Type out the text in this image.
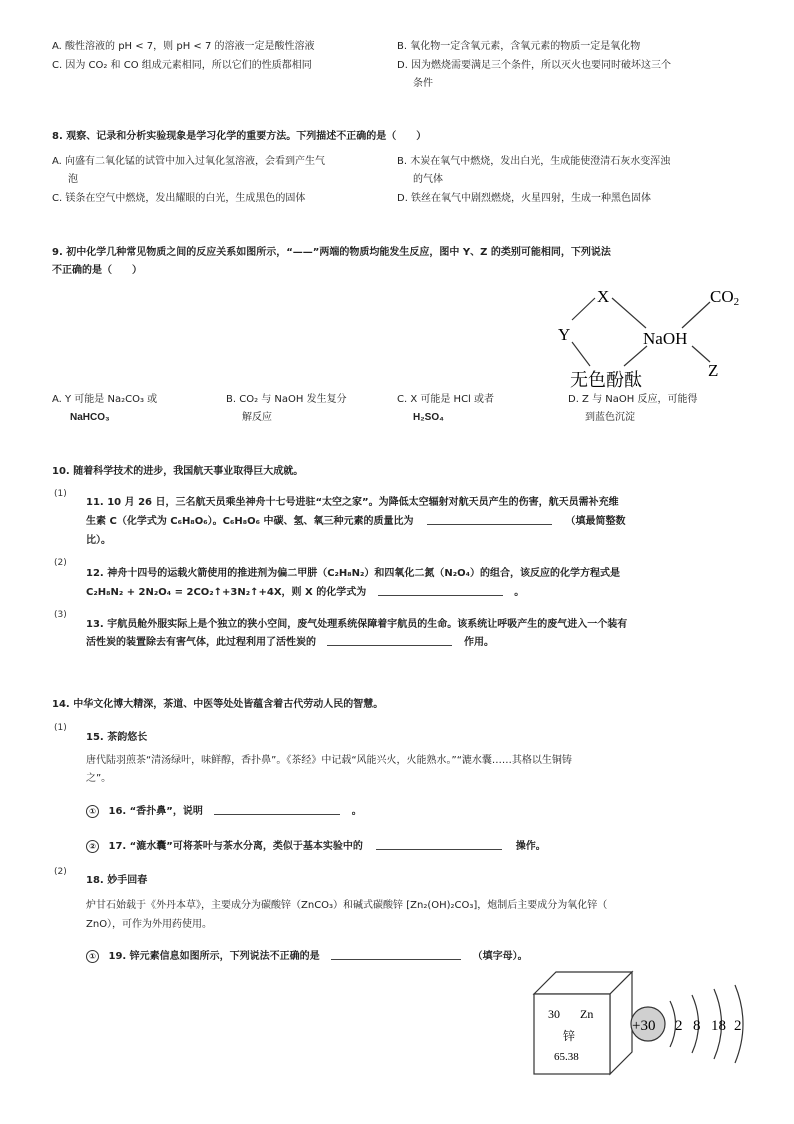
A. 酸性溶液的 pH < 7，则 pH < 7 的溶液一定是酸性溶液	B. 氧化物一定含氧元素，含氧元素的物质一定是氧化物
C. 因为 CO₂ 和 CO 组成元素相同，所以它们的性质都相同	D. 因为燃烧需要满足三个条件，所以灭火也要同时破坏这三个
条件
8. 观察、记录和分析实验现象是学习化学的重要方法。下列描述不正确的是（　　）
A. 向盛有二氧化锰的试管中加入过氧化氢溶液，会看到产生气
泡
B. 木炭在氧气中燃烧，发出白光，生成能使澄清石灰水变浑浊
的气体
C. 镁条在空气中燃烧，发出耀眼的白光，生成黑色的固体	D. 铁丝在氧气中剧烈燃烧，火星四射，生成一种黑色固体
9. 初中化学几种常见物质之间的反应关系如图所示，“——”两端的物质均能发生反应，图中 Y、Z 的类别可能相同，下列说法
不正确的是（　　）
X	CO2
Y	NaOH
无色酚酞	Z
A. Y 可能是 Na₂CO₃ 或
NaHCO₃
B. CO₂ 与 NaOH 发生复分
解反应
C. X 可能是 HCl 或者
H₂SO₄
D. Z 与 NaOH 反应，可能得
到蓝色沉淀
10. 随着科学技术的进步，我国航天事业取得巨大成就。
(1)
11. 10 月 26 日，三名航天员乘坐神舟十七号进驻“太空之家”。为降低太空辐射对航天员产生的伤害，航天员需补充维
生素 C（化学式为 C₆H₈O₆）。C₆H₈O₆ 中碳、氢、氧三种元素的质量比为	（填最简整数
比）。
(2)
12. 神舟十四号的运载火箭使用的推进剂为偏二甲肼（C₂H₈N₂）和四氧化二氮（N₂O₄）的组合，该反应的化学方程式是
C₂H₈N₂ + 2N₂O₄ = 2CO₂↑+3N₂↑+4X，则 X 的化学式为	。
(3)
13. 宇航员舱外服实际上是个独立的狭小空间，废气处理系统保障着宇航员的生命。该系统让呼吸产生的废气进入一个装有
活性炭的装置除去有害气体，此过程利用了活性炭的	作用。
14. 中华文化博大精深，茶道、中医等处处皆蕴含着古代劳动人民的智慧。
(1)
15. 茶韵悠长
唐代陆羽煎茶“清汤绿叶，味鲜醇，香扑鼻”。《茶经》中记载“风能兴火，火能熟水。”“漉水囊……其格以生铜铸
之”。
① 16. “香扑鼻”，说明	。
② 17. “漉水囊”可将茶叶与茶水分离，类似于基本实验中的	操作。
(2)
18. 妙手回春
炉甘石始载于《外丹本草》，主要成分为碳酸锌（ZnCO₃）和碱式碳酸锌 [Zn₂(OH)₂CO₃]，炮制后主要成分为氧化锌（
ZnO），可作为外用药使用。
① 19. 锌元素信息如图所示，下列说法不正确的是	（填字母）。
30 Zn
锌
65.38
+30 2 8 18 2
